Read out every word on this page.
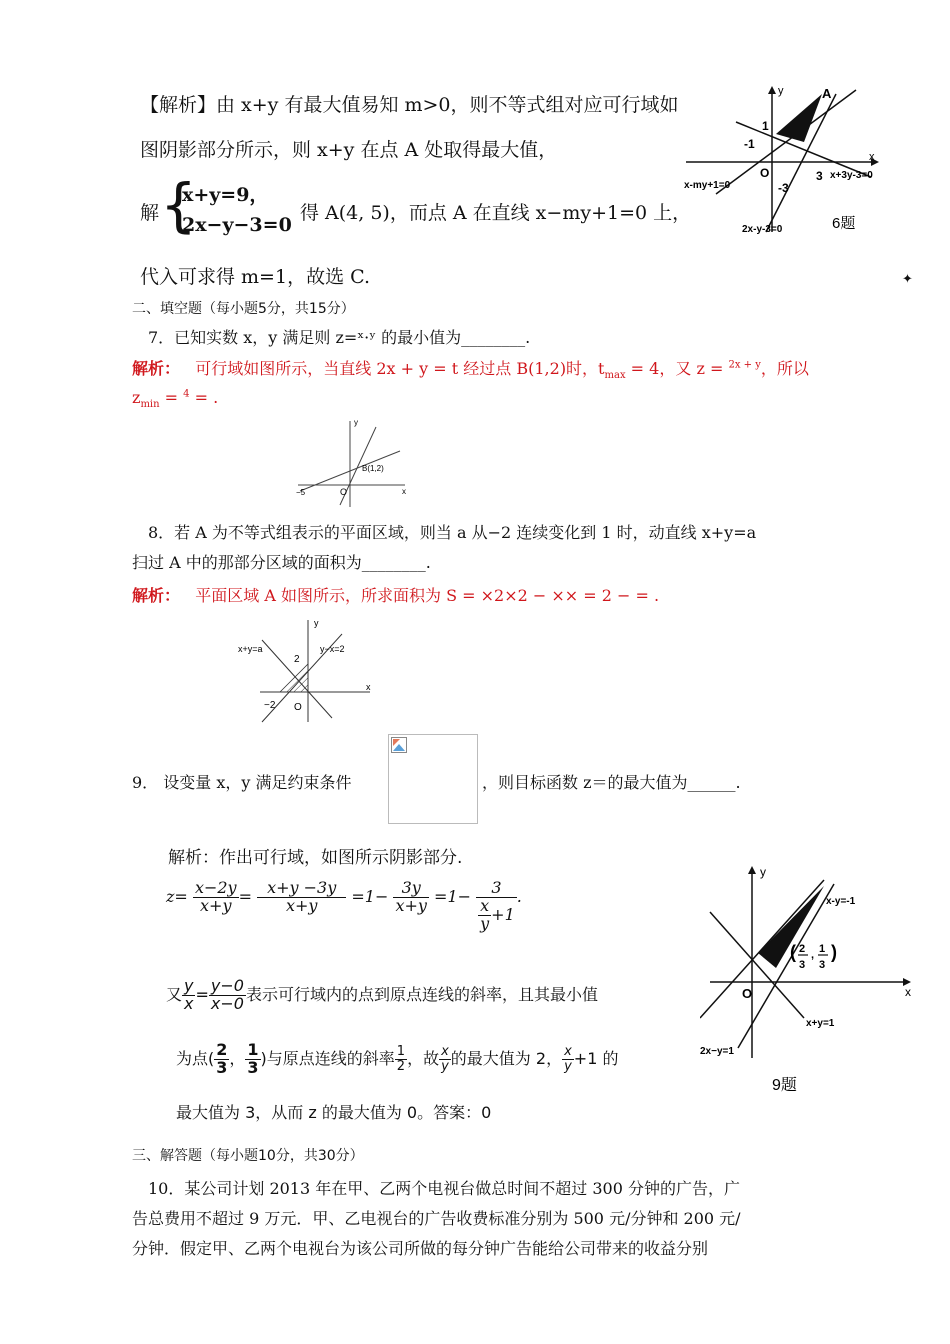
【解析】由 x+y 有最大值易知 m>0，则不等式组对应可行域如
图阴影部分所示，则 x+y 在点 A 处取得最大值，
解 {
x+y=9，
2x−y−3=0
得 A(4, 5)，而点 A 在直线 x−my+1=0 上，
代入可求得 m=1，故选 C.
A
y
x
O
1
-1
3
-3
x-my+1=0
x+3y-3=0
2x-y-3=0	6题
✦
二、填空题（每小题5分，共15分）
7．已知实数 x，y 满足则 z=ˣ·ʸ 的最小值为________.
解析： 可行域如图所示，当直线 2x + y = t 经过点 B(1,2)时，$t_{max} = 4$，又 z = $^{2x + y}$，所以
$z_{min} = ^4$ = .
y
x
O
B(1,2)
−5
8．若 A 为不等式组表示的平面区域，则当 a 从−2 连续变化到 1 时，动直线 x+y=a
扫过 A 中的那部分区域的面积为________.
解析： 平面区域 A 如图所示，所求面积为 S = ×2×2 − ×× = 2 − = .
y
x
O
2
−2
x+y=a	y−x=2
9． 设变量 x，y 满足约束条件	，则目标函数 z＝的最大值为______.
解析：作出可行域，如图所示阴影部分.
$z= \frac{x-2y}{x+y} = \frac{x+y -3y}{x+y} =1- \frac{3y}{x+y} =1- \frac{3}{\frac{x}{y} +1}$ .
又 $\frac{y}{x} = \frac{y-0}{x-0}$ 表示可行域内的点到原点连线的斜率，且其最小值
为点( $\frac{2}{3}$ ， $\frac{1}{3}$ )与原点连线的斜率 $\frac{1}{2}$ ，故 $\frac{x}{y}$ 的最大值为 2， $\frac{x}{y} +1$ 的
最大值为 3，从而 z 的最大值为 0。答案：0
y
x
O
x-y=-1
x+y=1
2x−y=1
( 2
3
, 1
3
)
9题
三、解答题（每小题10分，共30分）
10．某公司计划 2013 年在甲、乙两个电视台做总时间不超过 300 分钟的广告，广
告总费用不超过 9 万元．甲、乙电视台的广告收费标准分别为 500 元/分钟和 200 元/
分钟．假定甲、乙两个电视台为该公司所做的每分钟广告能给公司带来的收益分别
